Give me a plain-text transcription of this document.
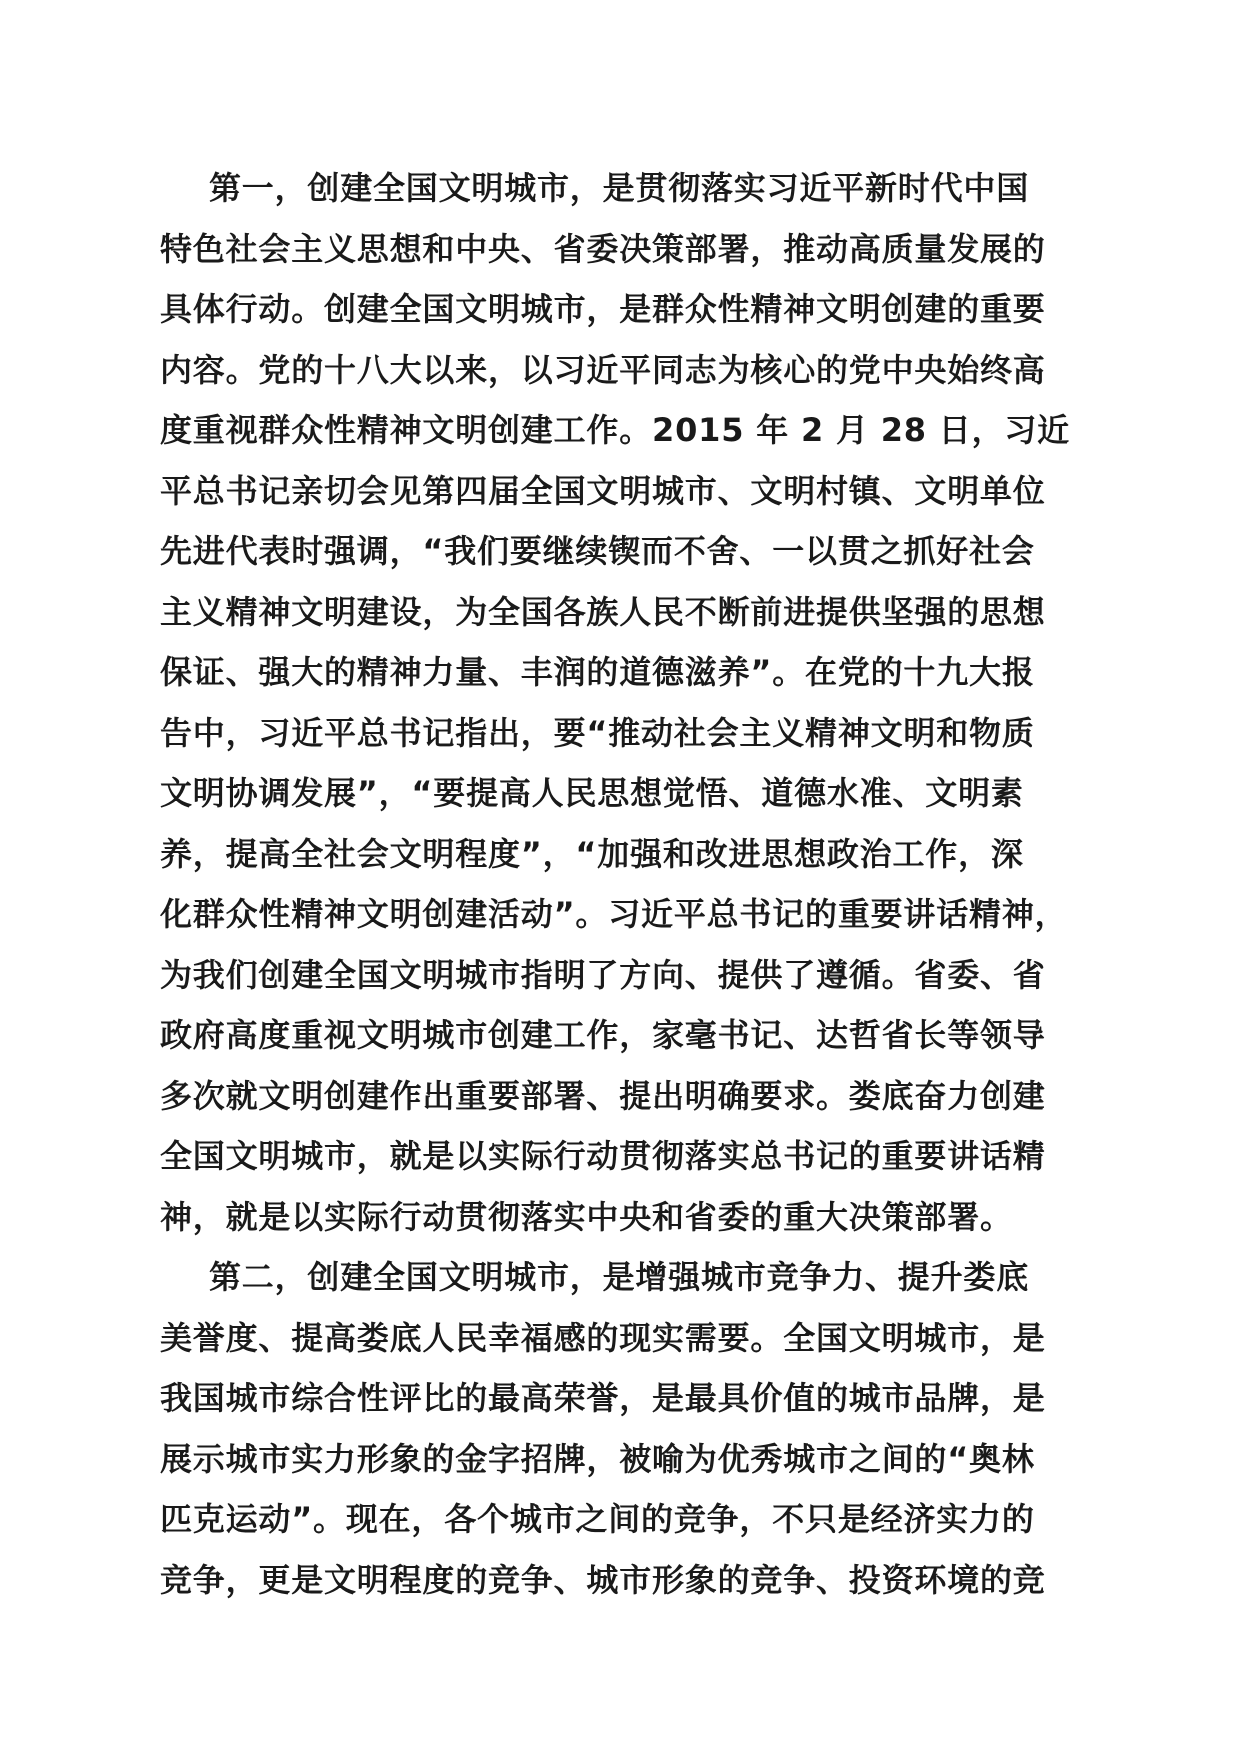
第一，创建全国文明城市，是贯彻落实习近平新时代中国
特色社会主义思想和中央、省委决策部署，推动高质量发展的
具体行动。创建全国文明城市，是群众性精神文明创建的重要
内容。党的十八大以来，以习近平同志为核心的党中央始终高
度重视群众性精神文明创建工作。2015 年 2 月 28 日，习近
平总书记亲切会见第四届全国文明城市、文明村镇、文明单位
先进代表时强调，“我们要继续锲而不舍、一以贯之抓好社会
主义精神文明建设，为全国各族人民不断前进提供坚强的思想
保证、强大的精神力量、丰润的道德滋养”。在党的十九大报
告中，习近平总书记指出，要“推动社会主义精神文明和物质
文明协调发展”，“要提高人民思想觉悟、道德水准、文明素
养，提高全社会文明程度”，“加强和改进思想政治工作，深
化群众性精神文明创建活动”。习近平总书记的重要讲话精神，
为我们创建全国文明城市指明了方向、提供了遵循。省委、省
政府高度重视文明城市创建工作，家毫书记、达哲省长等领导
多次就文明创建作出重要部署、提出明确要求。娄底奋力创建
全国文明城市，就是以实际行动贯彻落实总书记的重要讲话精
神，就是以实际行动贯彻落实中央和省委的重大决策部署。
第二，创建全国文明城市，是增强城市竞争力、提升娄底
美誉度、提高娄底人民幸福感的现实需要。全国文明城市，是
我国城市综合性评比的最高荣誉，是最具价值的城市品牌，是
展示城市实力形象的金字招牌，被喻为优秀城市之间的“奥林
匹克运动”。现在，各个城市之间的竞争，不只是经济实力的
竞争，更是文明程度的竞争、城市形象的竞争、投资环境的竞
